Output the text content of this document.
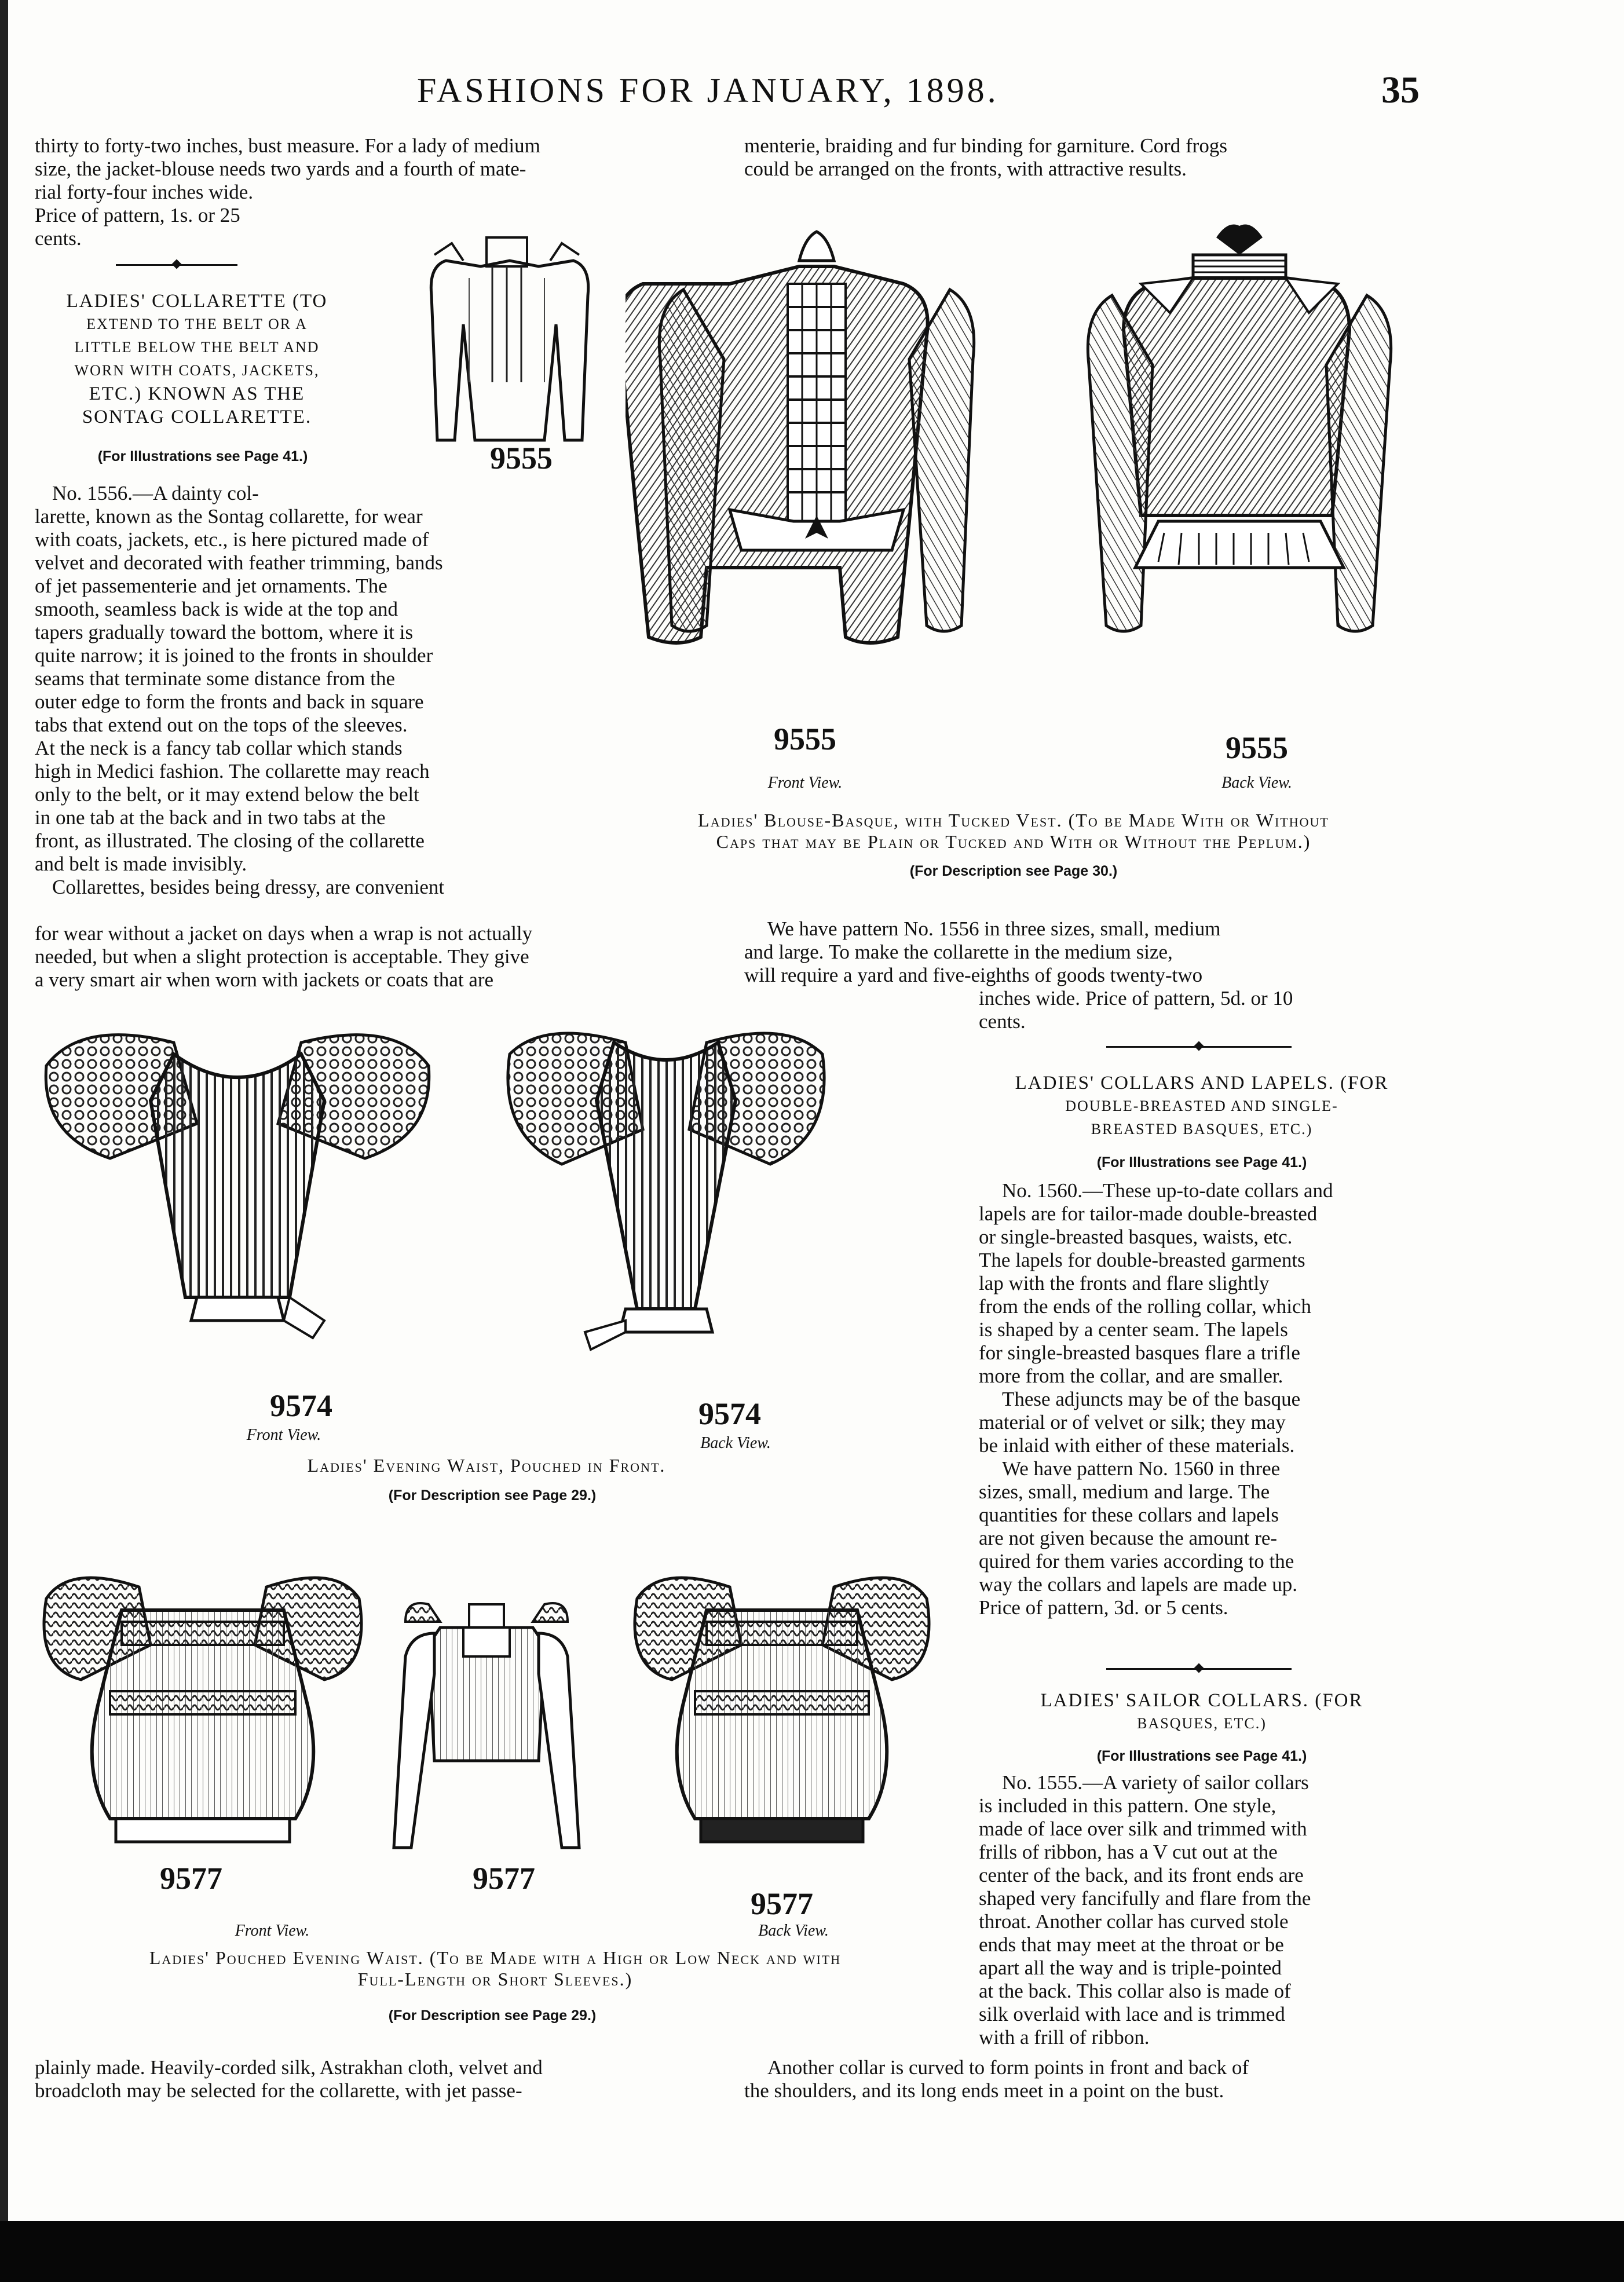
FASHIONS FOR JANUARY, 1898.	35

thirty to forty-two inches, bust measure. For a lady of medium

size, the jacket-blouse needs two yards and a fourth of mate-

rial forty-four inches wide.

Price of pattern, 1s. or 25

cents.

LADIES' COLLARETTE (TO
EXTEND TO THE BELT OR A
LITTLE BELOW THE BELT AND
WORN WITH COATS, JACKETS,
ETC.) KNOWN AS THE
SONTAG COLLARETTE.
(For Illustrations see Page 41.)	9555

No. 1556.—A dainty col-

larette, known as the Sontag collarette, for wear

with coats, jackets, etc., is here pictured made of

velvet and decorated with feather trimming, bands

of jet passementerie and jet ornaments. The

smooth, seamless back is wide at the top and

tapers gradually toward the bottom, where it is

quite narrow; it is joined to the fronts in shoulder

seams that terminate some distance from the

outer edge to form the fronts and back in square

tabs that extend out on the tops of the sleeves.

At the neck is a fancy tab collar which stands

high in Medici fashion. The collarette may reach

only to the belt, or it may extend below the belt

in one tab at the back and in two tabs at the

front, as illustrated. The closing of the collarette

and belt is made invisibly.

Collarettes, besides being dressy, are convenient

for wear without a jacket on days when a wrap is not actually

needed, but when a slight protection is acceptable. They give

a very smart air when worn with jackets or coats that are

menterie, braiding and fur binding for garniture. Cord frogs

could be arranged on the fronts, with attractive results.

9555	9555
Front View.	Back View.
Ladies' Blouse-Basque, with Tucked Vest. (To be Made With or Without
Caps that may be Plain or Tucked and With or Without the Peplum.)
(For Description see Page 30.)

We have pattern No. 1556 in three sizes, small, medium

and large. To make the collarette in the medium size,

will require a yard and five-eighths of goods twenty-two

inches wide. Price of pattern, 5d. or 10

cents.

9574	9574
Front View.	Back View.
Ladies' Evening Waist, Pouched in Front.
(For Description see Page 29.)
LADIES' COLLARS AND LAPELS. (FOR
DOUBLE-BREASTED AND SINGLE-
BREASTED BASQUES, ETC.)
(For Illustrations see Page 41.)

No. 1560.—These up-to-date collars and

lapels are for tailor-made double-breasted

or single-breasted basques, waists, etc.

The lapels for double-breasted garments

lap with the fronts and flare slightly

from the ends of the rolling collar, which

is shaped by a center seam. The lapels

for single-breasted basques flare a trifle

more from the collar, and are smaller.

These adjuncts may be of the basque

material or of velvet or silk; they may

be inlaid with either of these materials.

We have pattern No. 1560 in three

sizes, small, medium and large. The

quantities for these collars and lapels

are not given because the amount re-

quired for them varies according to the

way the collars and lapels are made up.

Price of pattern, 3d. or 5 cents.

9577	9577
9577
Front View.	Back View.
Ladies' Pouched Evening Waist. (To be Made with a High or Low Neck and with
Full-Length or Short Sleeves.)
(For Description see Page 29.)
LADIES' SAILOR COLLARS. (FOR
BASQUES, ETC.)
(For Illustrations see Page 41.)

No. 1555.—A variety of sailor collars

is included in this pattern. One style,

made of lace over silk and trimmed with

frills of ribbon, has a V cut out at the

center of the back, and its front ends are

shaped very fancifully and flare from the

throat. Another collar has curved stole

ends that may meet at the throat or be

apart all the way and is triple-pointed

at the back. This collar also is made of

silk overlaid with lace and is trimmed

with a frill of ribbon.

plainly made. Heavily-corded silk, Astrakhan cloth, velvet and

broadcloth may be selected for the collarette, with jet passe-

Another collar is curved to form points in front and back of

the shoulders, and its long ends meet in a point on the bust.
